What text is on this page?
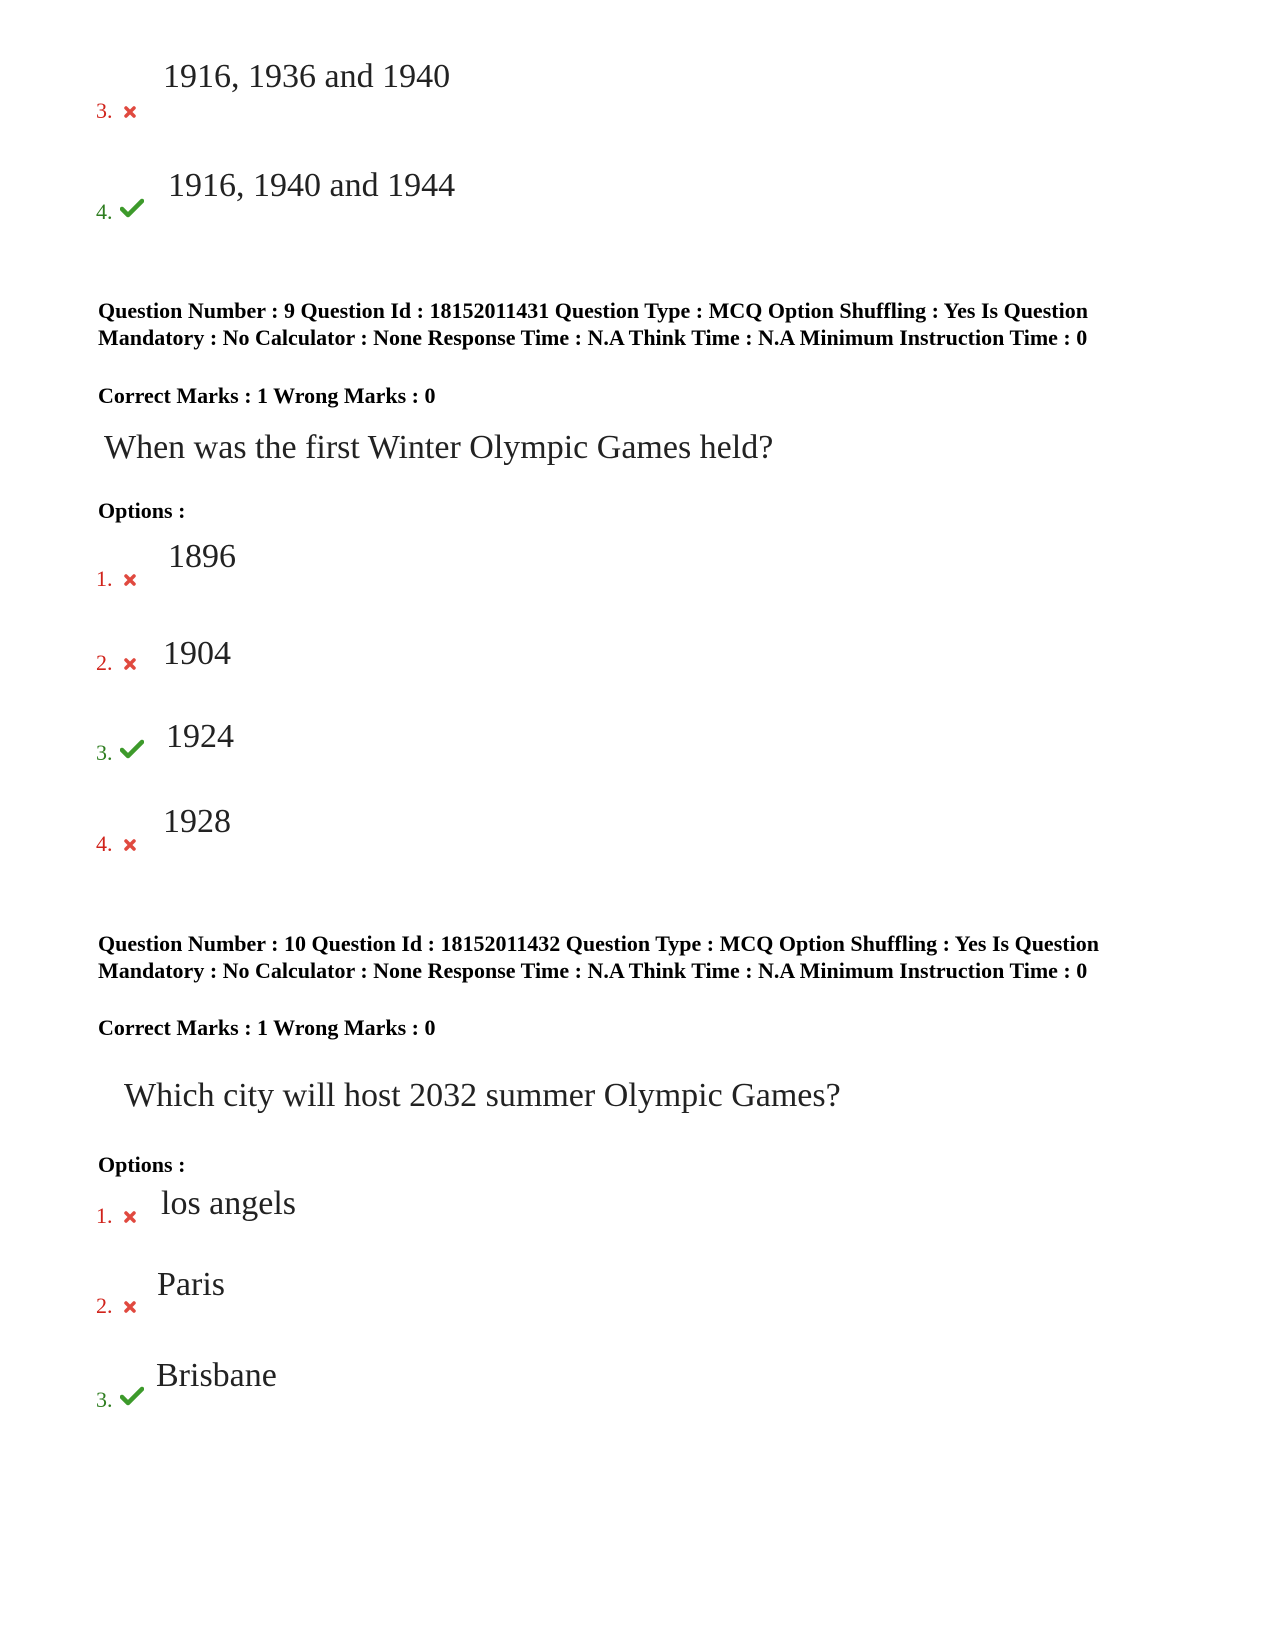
1916, 1936 and 1940
3.
1916, 1940 and 1944
4.
Question Number : 9 Question Id : 18152011431 Question Type : MCQ Option Shuffling : Yes Is Question Mandatory : No Calculator : None Response Time : N.A Think Time : N.A Minimum Instruction Time : 0
Correct Marks : 1 Wrong Marks : 0
When was the first Winter Olympic Games held?
Options :
1896
1.
1904
2.
1924
3.
1928
4.
Question Number : 10 Question Id : 18152011432 Question Type : MCQ Option Shuffling : Yes Is Question Mandatory : No Calculator : None Response Time : N.A Think Time : N.A Minimum Instruction Time : 0
Correct Marks : 1 Wrong Marks : 0
Which city will host 2032 summer Olympic Games?
Options :
los angels
1.
Paris
2.
Brisbane
3.
